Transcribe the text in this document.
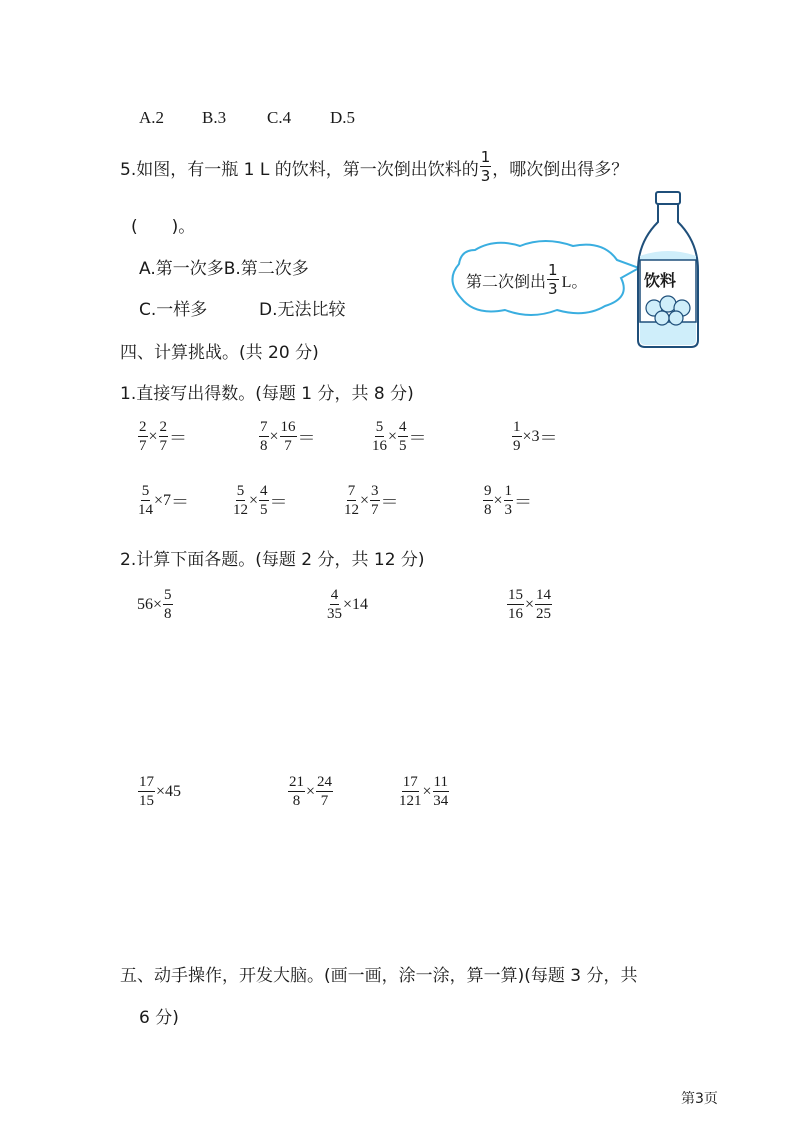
A.2 B.3 C.4 D.5
5.如图，有一瓶 1 L 的饮料，第一次倒出饮料的 $\frac{1}{3}$ ，哪次倒出得多？
(　　)。
A.第一次多B.第二次多
C.一样多	D.无法比较
第二次倒出 $\frac{1}{3}$ L。	饮料
四、计算挑战。(共 20 分)
1.直接写出得数。(每题 1 分，共 8 分)
$\frac{2}{7} \times \frac{2}{7}$ ＝	$\frac{7}{8} \times \frac{16}{7}$ ＝	$\frac{5}{16} \times \frac{4}{5}$ ＝	$\frac{1}{9} \times 3$ ＝
$\frac{5}{14} \times 7$ ＝	$\frac{5}{12} \times \frac{4}{5}$ ＝	$\frac{7}{12} \times \frac{3}{7}$ ＝	$\frac{9}{8} \times \frac{1}{3}$ ＝
2.计算下面各题。(每题 2 分，共 12 分)
$56 \times \frac{5}{8}$	$\frac{4}{35} \times 14$	$\frac{15}{16} \times \frac{14}{25}$
$\frac{17}{15} \times 45$	$\frac{21}{8} \times \frac{24}{7}$	$\frac{17}{121} \times \frac{11}{34}$
五、动手操作，开发大脑。(画一画，涂一涂，算一算)(每题 3 分，共
6 分)
第3页
